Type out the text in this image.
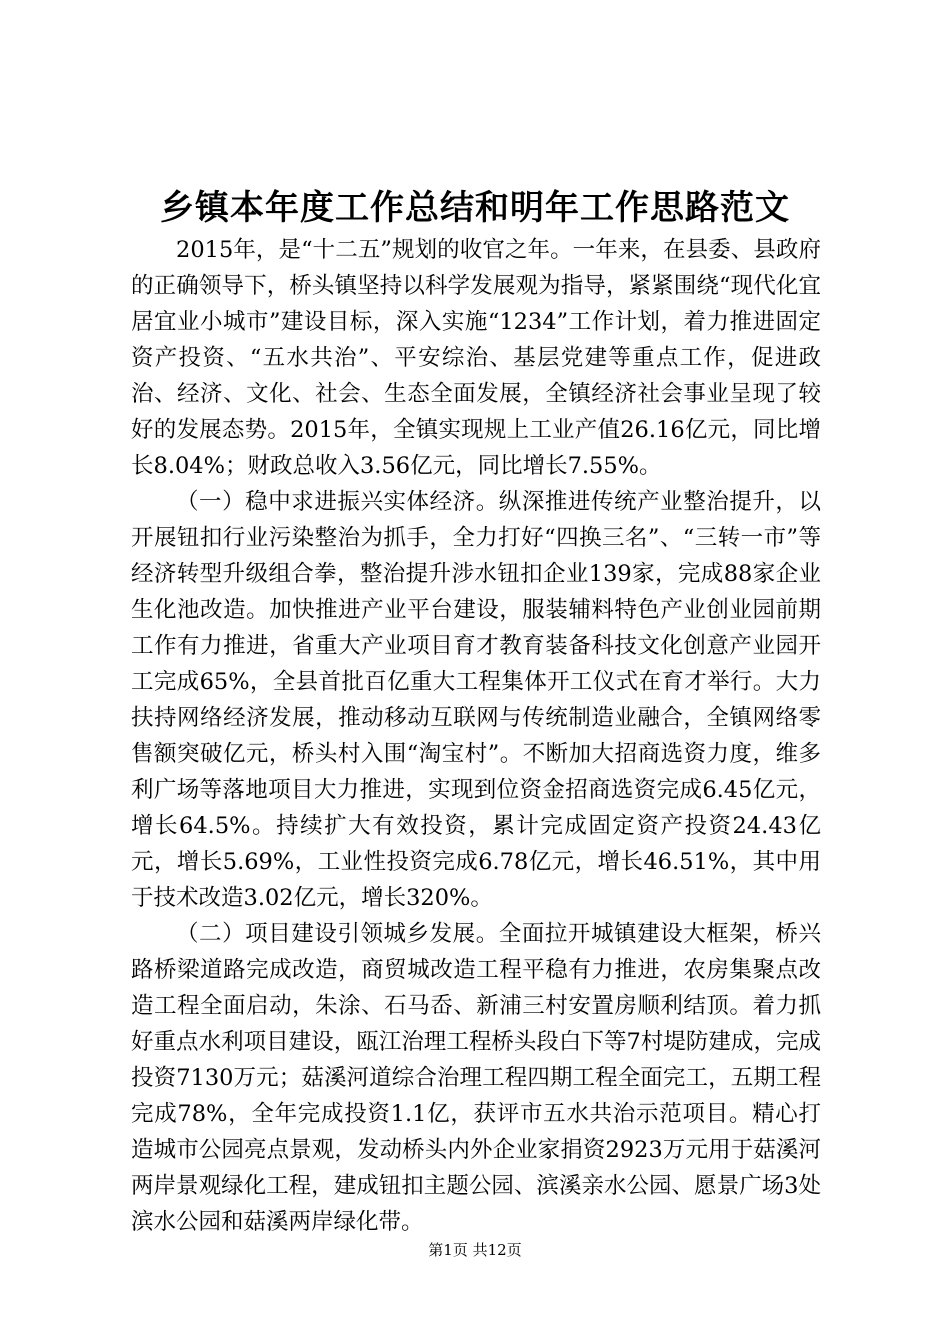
乡镇本年度工作总结和明年工作思路范文

2015年，是“十二五”规划的收官之年。一年来，在县委、县政府的正确领导下，桥头镇坚持以科学发展观为指导，紧紧围绕“现代化宜居宜业小城市”建设目标，深入实施“1234”工作计划，着力推进固定资产投资、“五水共治”、平安综治、基层党建等重点工作，促进政治、经济、文化、社会、生态全面发展，全镇经济社会事业呈现了较好的发展态势。2015年，全镇实现规上工业产值26.16亿元，同比增长8.04%；财政总收入3.56亿元，同比增长7.55%。

（一）稳中求进振兴实体经济。纵深推进传统产业整治提升，以开展钮扣行业污染整治为抓手，全力打好“四换三名”、“三转一市”等经济转型升级组合拳，整治提升涉水钮扣企业139家，完成88家企业生化池改造。加快推进产业平台建设，服装辅料特色产业创业园前期工作有力推进，省重大产业项目育才教育装备科技文化创意产业园开工完成65%，全县首批百亿重大工程集体开工仪式在育才举行。大力扶持网络经济发展，推动移动互联网与传统制造业融合，全镇网络零售额突破亿元，桥头村入围“淘宝村”。不断加大招商选资力度，维多利广场等落地项目大力推进，实现到位资金招商选资完成6.45亿元，增长64.5%。持续扩大有效投资，累计完成固定资产投资24.43亿元，增长5.69%，工业性投资完成6.78亿元，增长46.51%，其中用于技术改造3.02亿元，增长320%。

（二）项目建设引领城乡发展。全面拉开城镇建设大框架，桥兴路桥梁道路完成改造，商贸城改造工程平稳有力推进，农房集聚点改造工程全面启动，朱涂、石马岙、新浦三村安置房顺利结顶。着力抓好重点水利项目建设，瓯江治理工程桥头段白下等7村堤防建成，完成投资7130万元；菇溪河道综合治理工程四期工程全面完工，五期工程完成78%，全年完成投资1.1亿，获评市五水共治示范项目。精心打造城市公园亮点景观，发动桥头内外企业家捐资2923万元用于菇溪河两岸景观绿化工程，建成钮扣主题公园、滨溪亲水公园、愿景广场3处滨水公园和菇溪两岸绿化带。

第1页 共12页
